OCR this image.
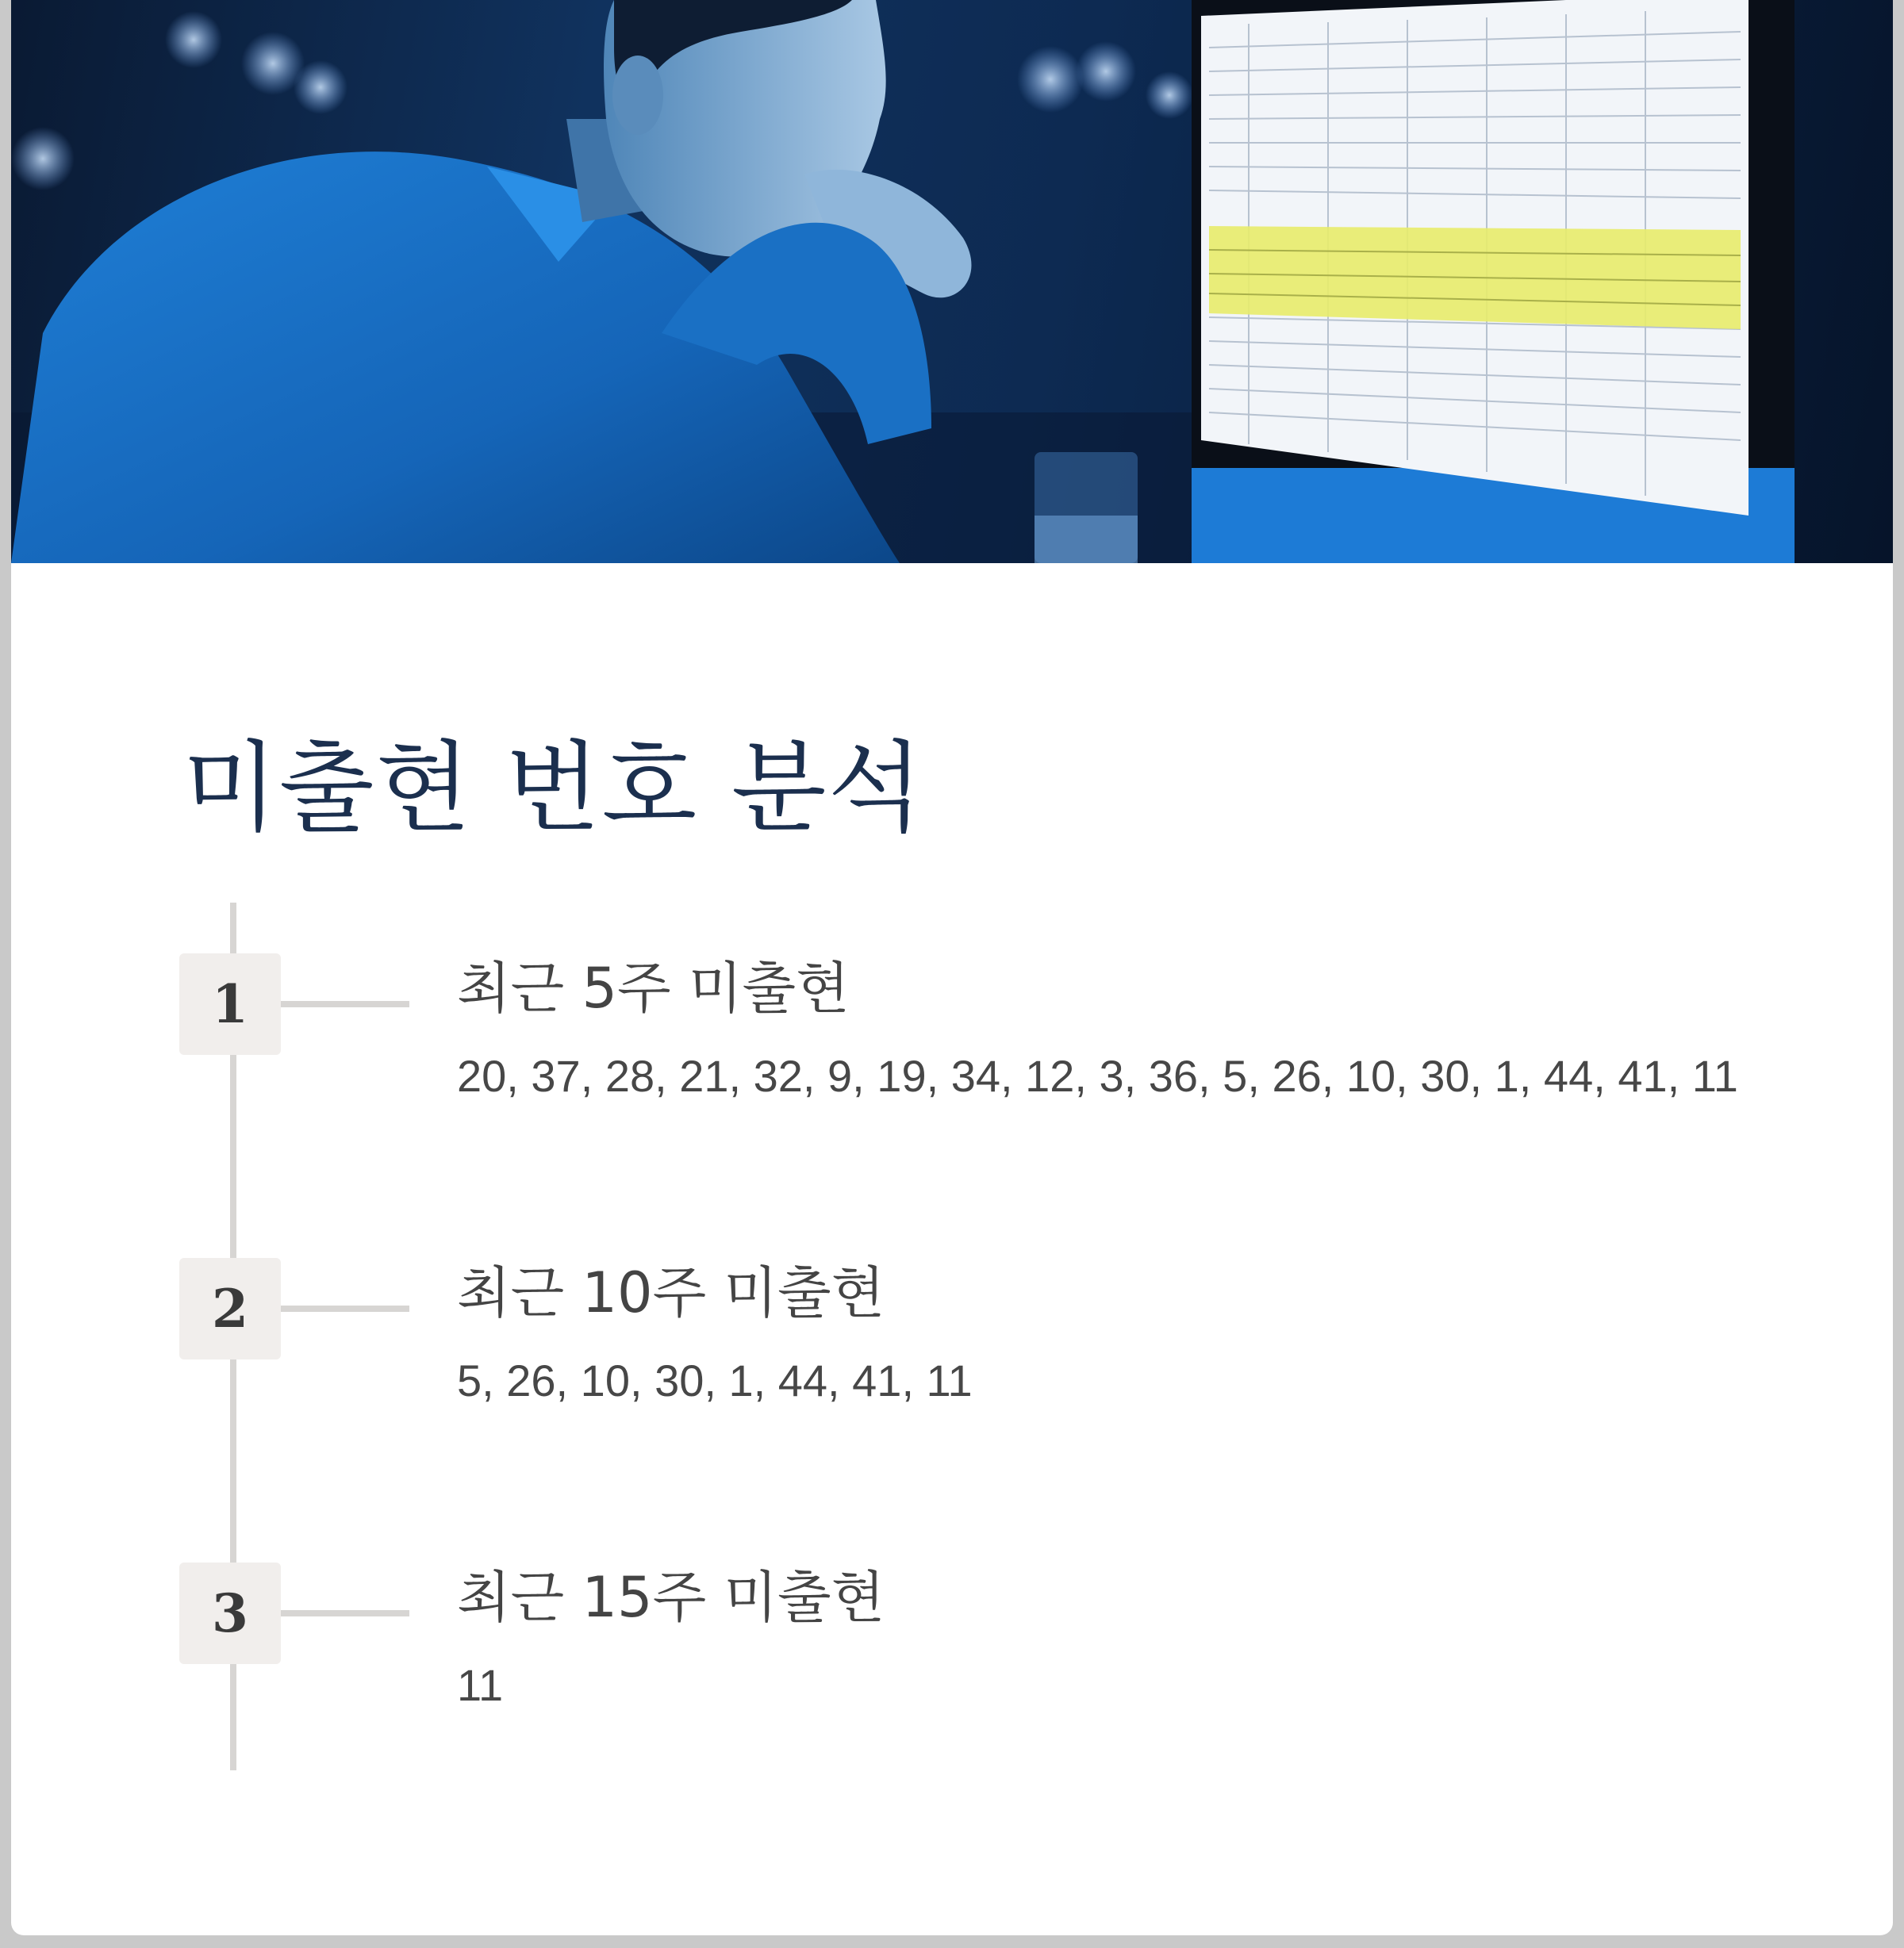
미출현 번호 분석
1	최근 5주 미출현
20, 37, 28, 21, 32, 9, 19, 34, 12, 3, 36, 5, 26, 10, 30, 1, 44, 41, 11
2	최근 10주 미출현
5, 26, 10, 30, 1, 44, 41, 11
3	최근 15주 미출현
11
